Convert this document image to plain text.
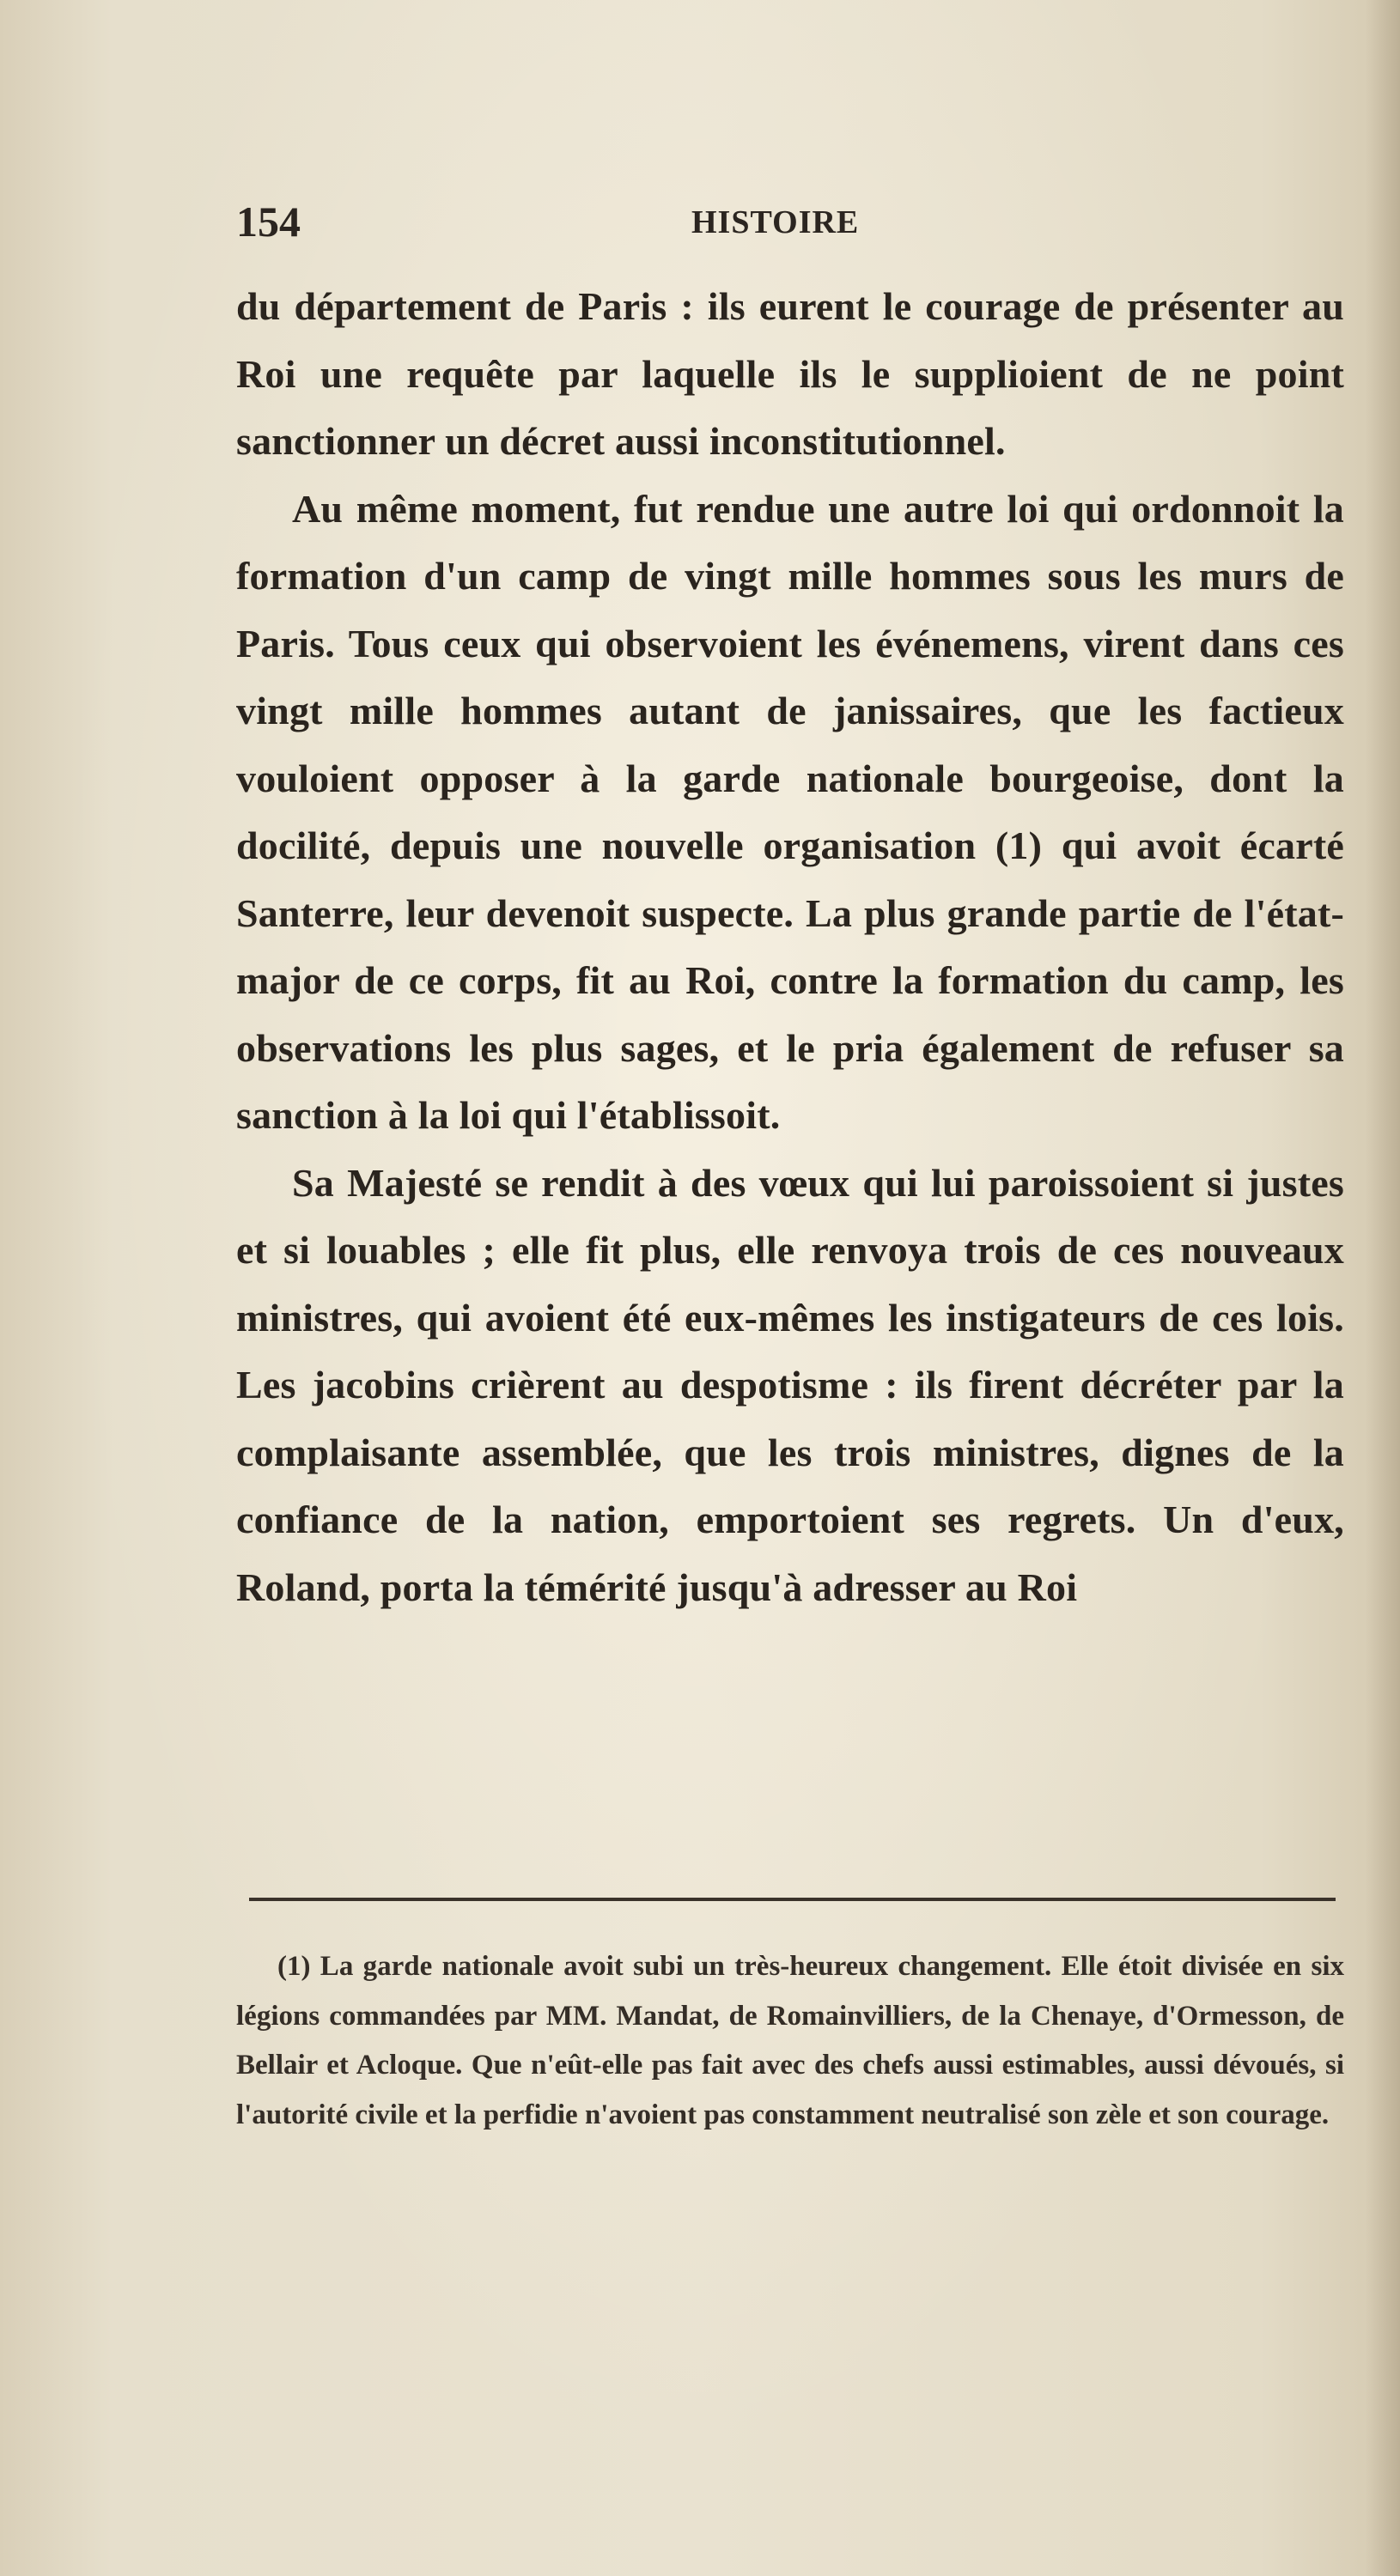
154	HISTOIRE

du département de Paris : ils eurent le courage de présenter au Roi une requête par laquelle ils le supplioient de ne point sanctionner un décret aussi inconstitutionnel.

Au même moment, fut rendue une autre loi qui ordonnoit la formation d'un camp de vingt mille hommes sous les murs de Paris. Tous ceux qui observoient les événemens, virent dans ces vingt mille hommes autant de janissaires, que les factieux vouloient opposer à la garde nationale bourgeoise, dont la docilité, depuis une nouvelle organisation (1) qui avoit écarté Santerre, leur devenoit suspecte. La plus grande partie de l'état-major de ce corps, fit au Roi, contre la formation du camp, les observations les plus sages, et le pria également de refuser sa sanction à la loi qui l'établissoit.

Sa Majesté se rendit à des vœux qui lui paroissoient si justes et si louables ; elle fit plus, elle renvoya trois de ces nouveaux ministres, qui avoient été eux-mêmes les instigateurs de ces lois. Les jacobins crièrent au despotisme : ils firent décréter par la complaisante assemblée, que les trois ministres, dignes de la confiance de la nation, emportoient ses regrets. Un d'eux, Roland, porta la témérité jusqu'à adresser au Roi

(1) La garde nationale avoit subi un très-heureux changement. Elle étoit divisée en six légions commandées par MM. Mandat, de Romainvilliers, de la Chenaye, d'Ormesson, de Bellair et Acloque. Que n'eût-elle pas fait avec des chefs aussi estimables, aussi dévoués, si l'autorité civile et la perfidie n'avoient pas constamment neutralisé son zèle et son courage.
